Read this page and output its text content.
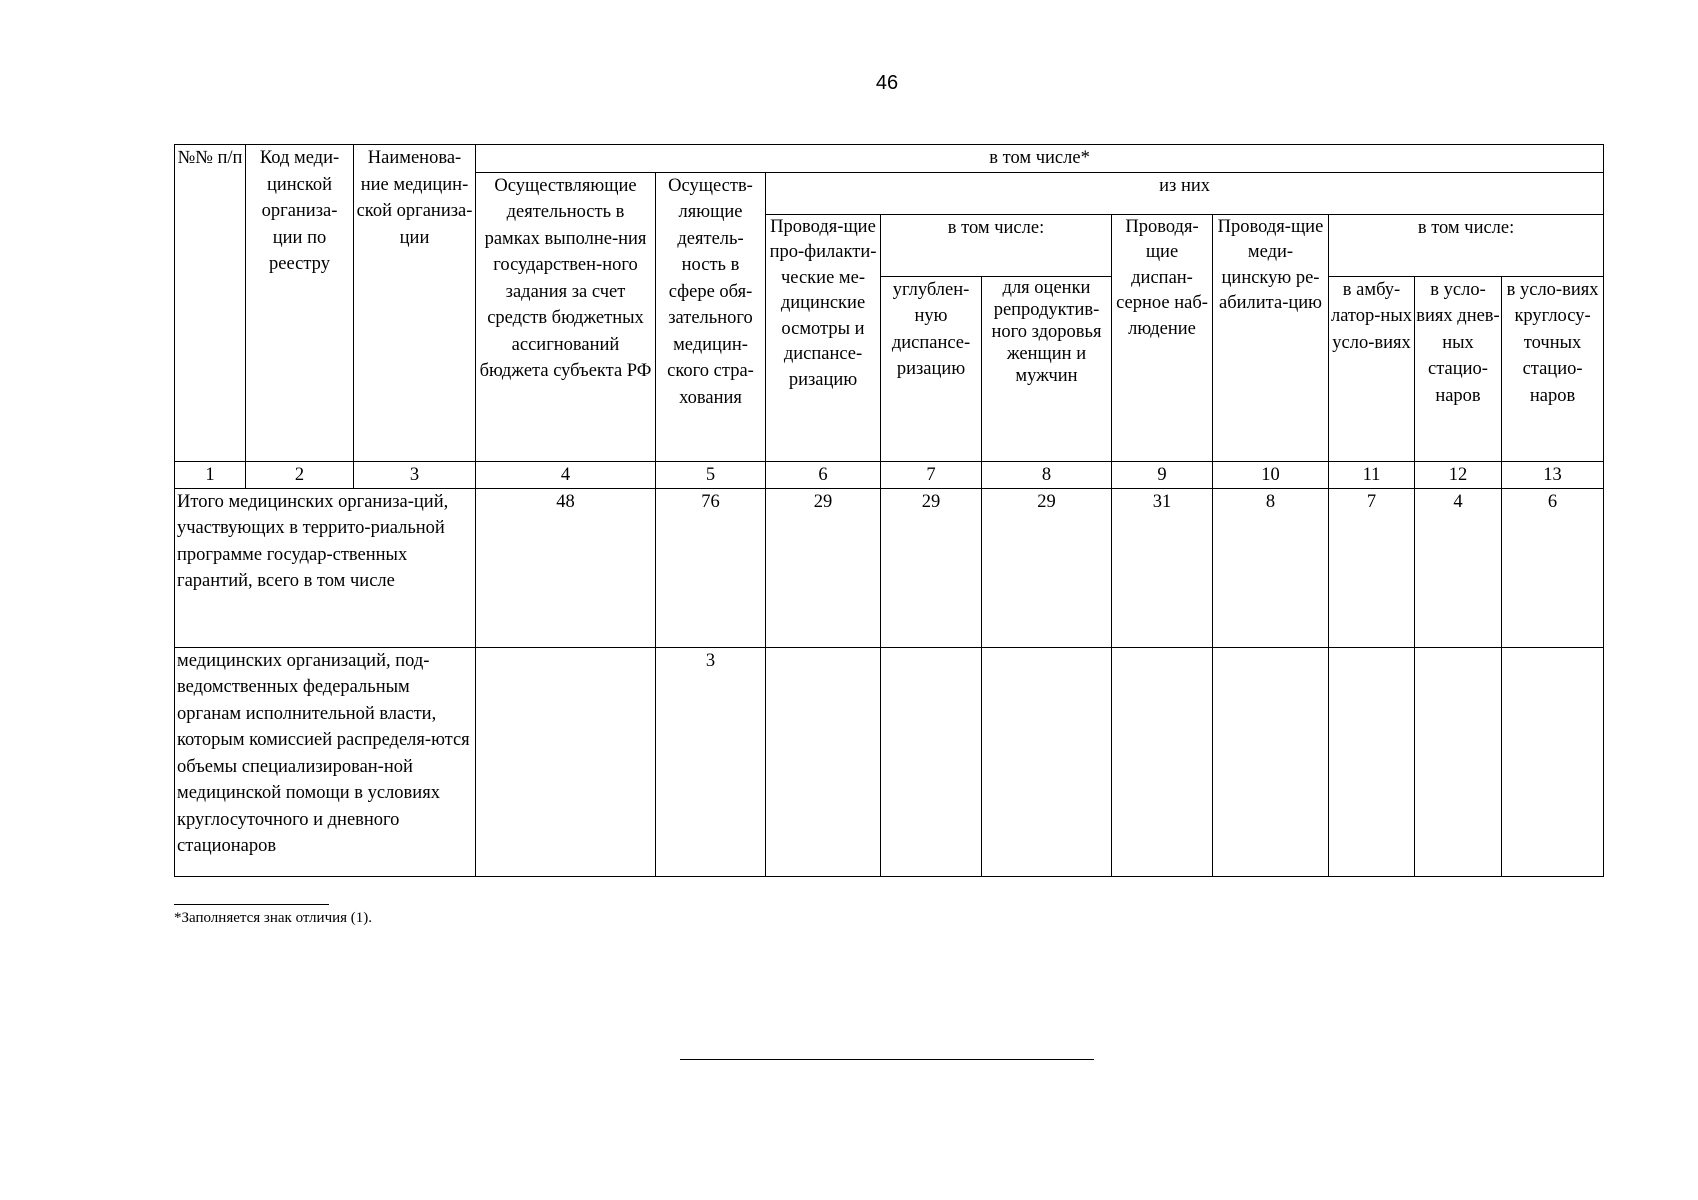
46
№№ п/п	Код меди-цинской организа-ции по реестру	Наименова-ние медицин-ской организа-ции	в том числе*									
			Осуществляющие деятельность в рамках выполне-ния государствен-ного задания за счет средств бюджетных ассигнований бюджета субъекта РФ	Осуществ-ляющие деятель-ность в сфере обя-зательного медицин-ского стра-хования	из них							
					Проводя-щие про-филакти-ческие ме-дицинские осмотры и диспансе-ризацию	в том числе:		Проводя-щие диспан-серное наб-людение	Проводя-щие меди-цинскую ре-абилита-цию	в том числе:		
						углублен-ную диспансе-ризацию	для оценки репродуктив-ного здоровья женщин и мужчин			в амбу-латор-ных усло-виях	в усло-виях днев-ных стацио-наров	в усло-виях круглосу-точных стацио-наров
1	2	3	4	5	6	7	8	9	10	11	12	13
Итого медицинских организа-ций, участвующих в террито-риальной программе государ-ственных гарантий, всего в том числе			48	76	29	29	29	31	8	7	4	6
медицинских организаций, под-ведомственных федеральным органам исполнительной власти, которым комиссией распределя-ются объемы специализирован-ной медицинской помощи в условиях круглосуточного и дневного стационаров				3								
*Заполняется знак отличия (1).
